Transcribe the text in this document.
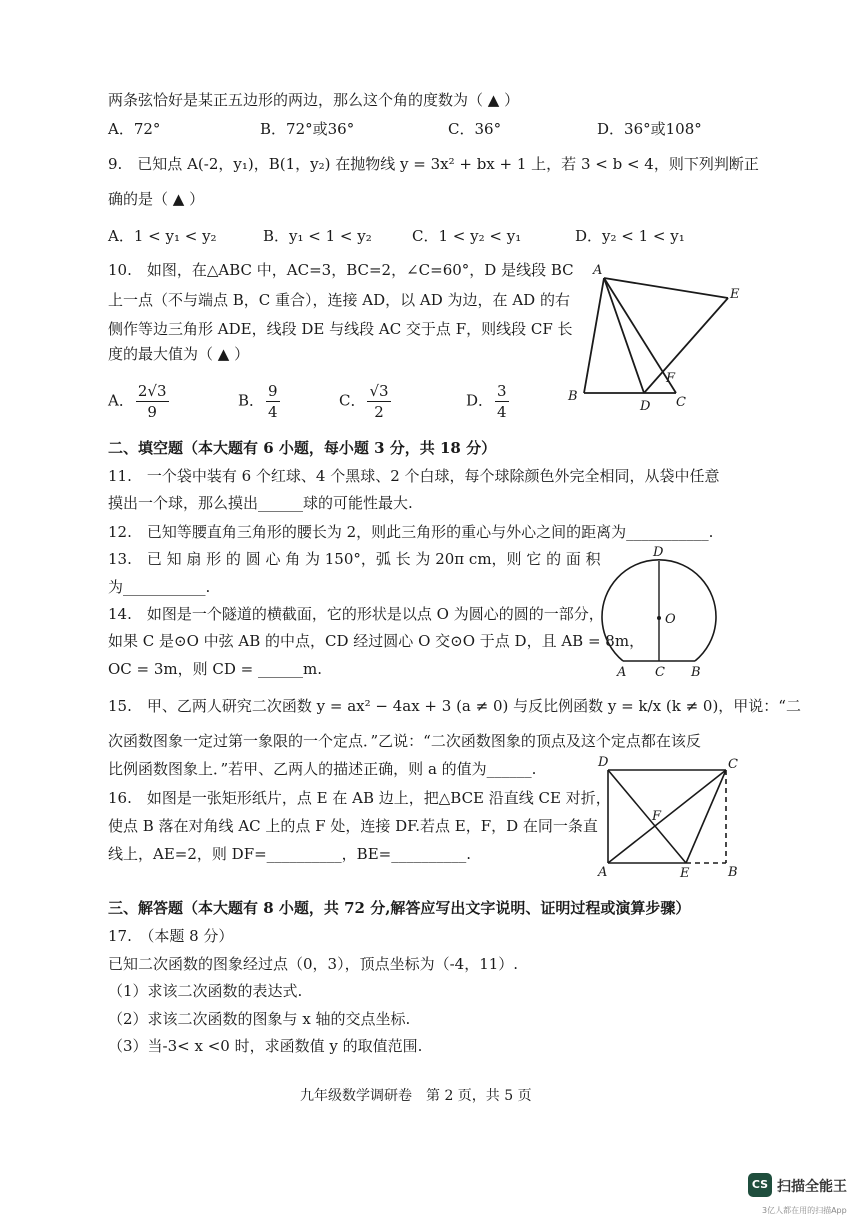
两条弦恰好是某正五边形的两边，那么这个角的度数为（ ▲ ）
A．72°	B．72°或36°	C．36°	D．36°或108°
9.　已知点 A(-2，y₁)，B(1，y₂) 在抛物线 y = 3x² + bx + 1 上，若 3 < b < 4，则下列判断正
确的是（ ▲ ）
A．1 < y₁ < y₂	B．y₁ < 1 < y₂	C．1 < y₂ < y₁	D．y₂ < 1 < y₁
10.　如图，在△ABC 中，AC=3，BC=2，∠C=60°，D 是线段 BC
上一点（不与端点 B，C 重合），连接 AD，以 AD 为边，在 AD 的右
侧作等边三角形 ADE，线段 DE 与线段 AC 交于点 F，则线段 CF 长
度的最大值为（ ▲ ）
A． $\frac{2√3}{9}$	B． $\frac{9}{4}$	C． $\frac{√3}{2}$	D． $\frac{3}{4}$
A
E
F
B
D C
二、填空题（本大题有 6 小题，每小题 3 分，共 18 分）
11.　一个袋中装有 6 个红球、4 个黑球、2 个白球，每个球除颜色外完全相同，从袋中任意
摸出一个球，那么摸出______球的可能性最大.
12.　已知等腰直角三角形的腰长为 2，则此三角形的重心与外心之间的距离为___________.
13.　已 知 扇 形 的 圆 心 角 为 150°，弧 长 为 20π cm，则 它 的 面 积
为___________.
14.　如图是一个隧道的横截面，它的形状是以点 O 为圆心的圆的一部分，
如果 C 是⊙O 中弦 AB 的中点，CD 经过圆心 O 交⊙O 于点 D，且 AB = 8m，
OC = 3m，则 CD = ______m.
D
O
A C B
15.　甲、乙两人研究二次函数 y = ax² − 4ax + 3 (a ≠ 0) 与反比例函数 y = k/x (k ≠ 0)，甲说：“二
次函数图象一定过第一象限的一个定点．”乙说：“二次函数图象的顶点及这个定点都在该反
比例函数图象上．”若甲、乙两人的描述正确，则 a 的值为______.
16.　如图是一张矩形纸片，点 E 在 AB 边上，把△BCE 沿直线 CE 对折，
使点 B 落在对角线 AC 上的点 F 处，连接 DF.若点 E，F，D 在同一条直
线上，AE=2，则 DF=__________，BE=__________.
D	C
F
A	E	B
三、解答题（本大题有 8 小题，共 72 分,解答应写出文字说明、证明过程或演算步骤）
17.　（本题 8 分）
已知二次函数的图象经过点（0，3），顶点坐标为（-4，11）.
（1）求该二次函数的表达式.
（2）求该二次函数的图象与 x 轴的交点坐标.
（3）当-3< x <0 时，求函数值 y 的取值范围.
九年级数学调研卷　第 2 页，共 5 页
CS 扫描全能王
3亿人都在用的扫描App
